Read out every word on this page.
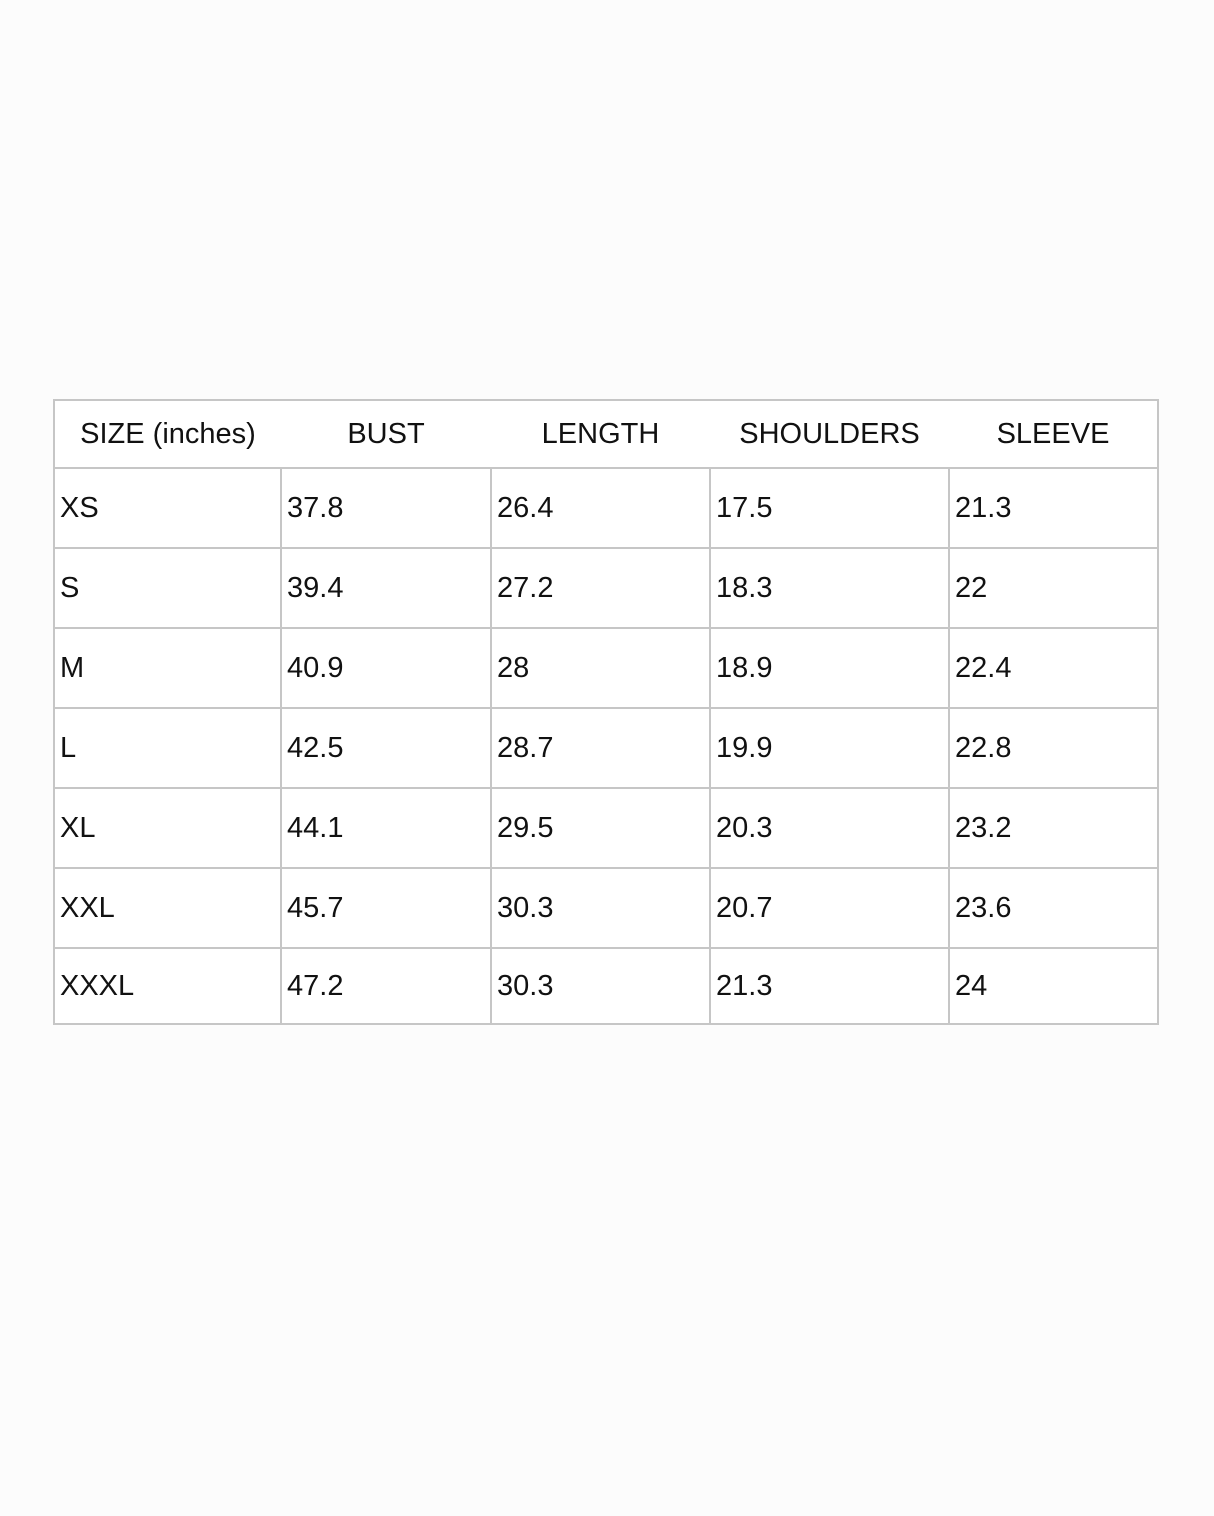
SIZE (inches)	BUST	LENGTH	SHOULDERS	SLEEVE
XS	37.8	26.4	17.5	21.3
S	39.4	27.2	18.3	22
M	40.9	28	18.9	22.4
L	42.5	28.7	19.9	22.8
XL	44.1	29.5	20.3	23.2
XXL	45.7	30.3	20.7	23.6
XXXL	47.2	30.3	21.3	24
